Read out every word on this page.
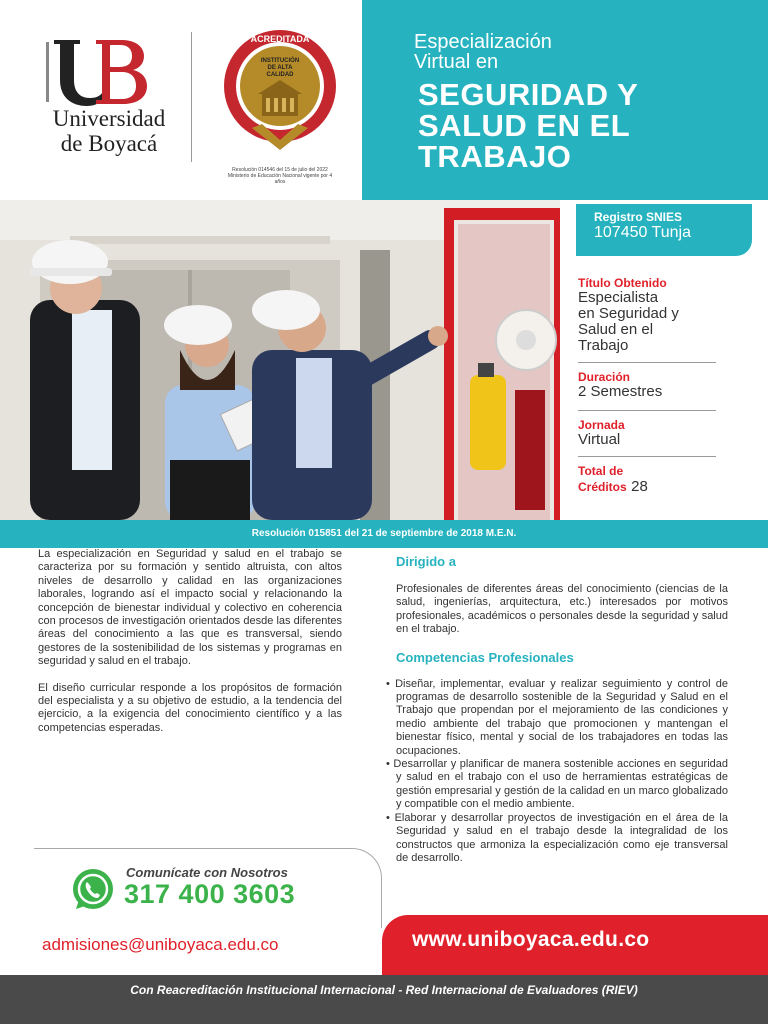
Universidad
de Boyacá
ACREDITADA
INSTITUCIÓN
DE ALTA
CALIDAD
Resolución 014546 del 15 de julio del 2022 Ministerio de Educación Nacional vigente por 4 años
Especialización
Virtual en
SEGURIDAD Y
SALUD EN EL
TRABAJO
Registro SNIES
107450 Tunja
Título Obtenido
Especialista
en Seguridad y
Salud en el
Trabajo
Duración
2 Semestres
Jornada
Virtual
Total de
Créditos 28
Resolución 015851 del 21 de septiembre de 2018 M.E.N.

La especialización en Seguridad y salud en el trabajo se caracteriza por su formación y sentido altruista, con altos niveles de desarrollo y calidad en las organizaciones laborales, logrando así el impacto social y relacionando la concepción de bienestar individual y colectivo en coherencia con procesos de investigación orientados desde las diferentes áreas del conocimiento a las que es transversal, siendo gestores de la sostenibilidad de los sistemas y programas en seguridad y salud en el trabajo.

El diseño curricular responde a los propósitos de formación del especialista y a su objetivo de estudio, a la tendencia del ejercicio, a la exigencia del conocimiento científico y a las competencias esperadas.

Dirigido a
Profesionales de diferentes áreas del conocimiento (ciencias de la salud, ingenierías, arquitectura, etc.) interesados por motivos profesionales, académicos o personales desde la seguridad y salud en el trabajo.
Competencias Profesionales
• Diseñar, implementar, evaluar y realizar seguimiento y control de programas de desarrollo sostenible de la Seguridad y Salud en el Trabajo que propendan por el mejoramiento de las condiciones y medio ambiente del trabajo que promocionen y mantengan el bienestar físico, mental y social de los trabajadores en todas las ocupaciones.
• Desarrollar y planificar de manera sostenible acciones en seguridad y salud en el trabajo con el uso de herramientas estratégicas de gestión empresarial y gestión de la calidad en un marco globalizado y compatible con el medio ambiente.
• Elaborar y desarrollar proyectos de investigación en el área de la Seguridad y salud en el trabajo desde la integralidad de los constructos que armoniza la especialización como eje transversal de desarrollo.
Comunícate con Nosotros
317 400 3603
admisiones@uniboyaca.edu.co	www.uniboyaca.edu.co
Con Reacreditación Institucional Internacional - Red Internacional de Evaluadores (RIEV)
